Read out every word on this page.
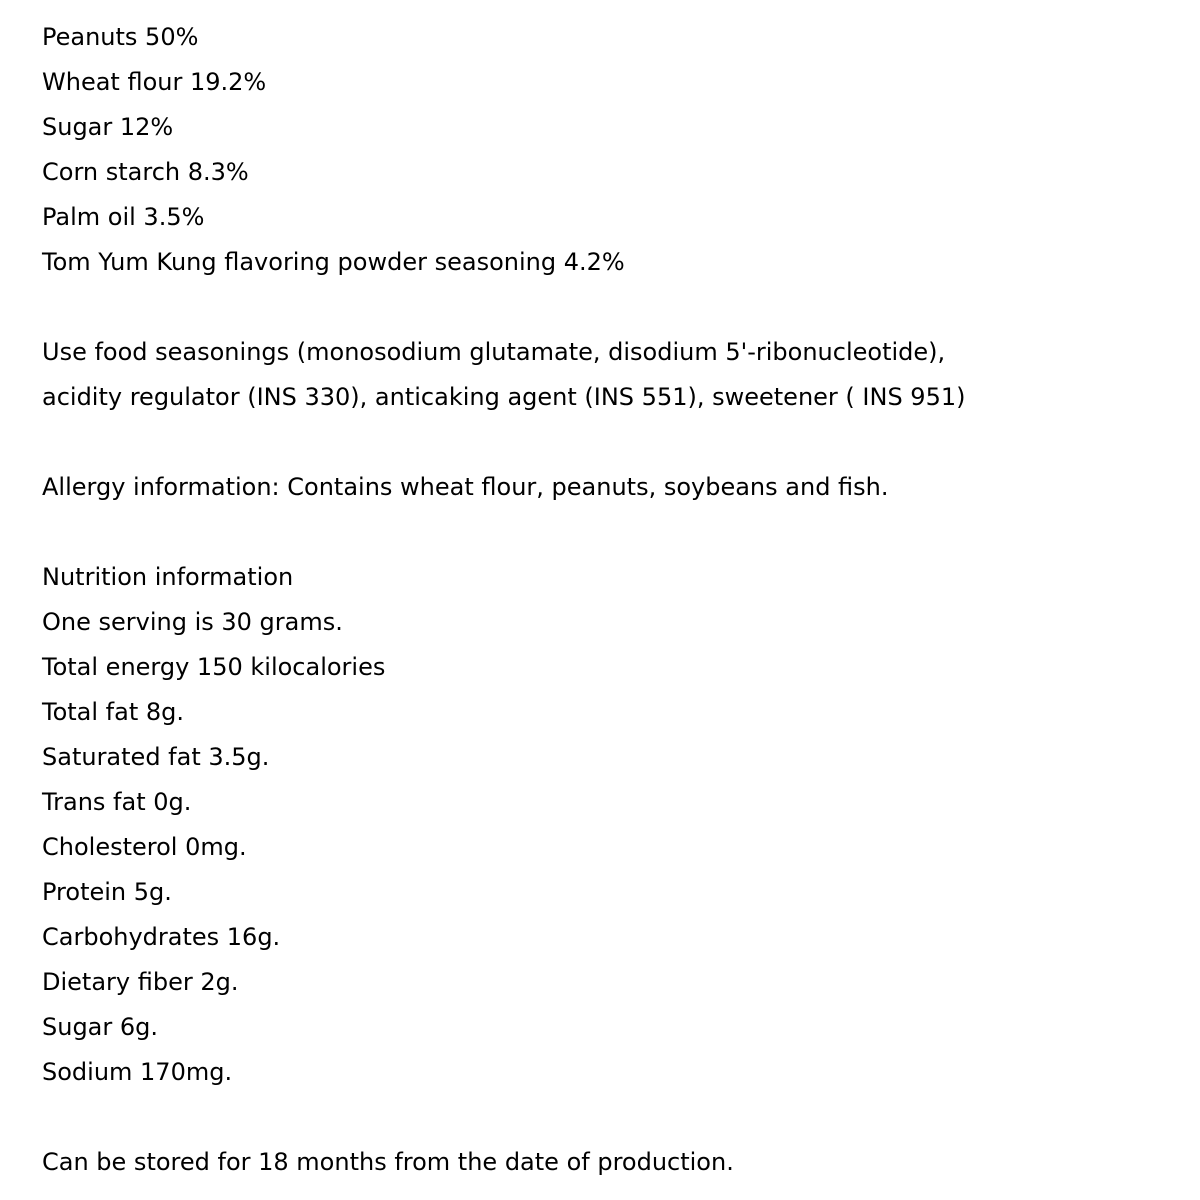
Peanuts 50%
Wheat flour 19.2%
Sugar 12%
Corn starch 8.3%
Palm oil 3.5%
Tom Yum Kung flavoring powder seasoning 4.2%
Use food seasonings (monosodium glutamate, disodium 5'-ribonucleotide),
acidity regulator (INS 330), anticaking agent (INS 551), sweetener ( INS 951)
Allergy information: Contains wheat flour, peanuts, soybeans and fish.
Nutrition information
One serving is 30 grams.
Total energy 150 kilocalories
Total fat 8g.
Saturated fat 3.5g.
Trans fat 0g.
Cholesterol 0mg.
Protein 5g.
Carbohydrates 16g.
Dietary fiber 2g.
Sugar 6g.
Sodium 170mg.
Can be stored for 18 months from the date of production.
